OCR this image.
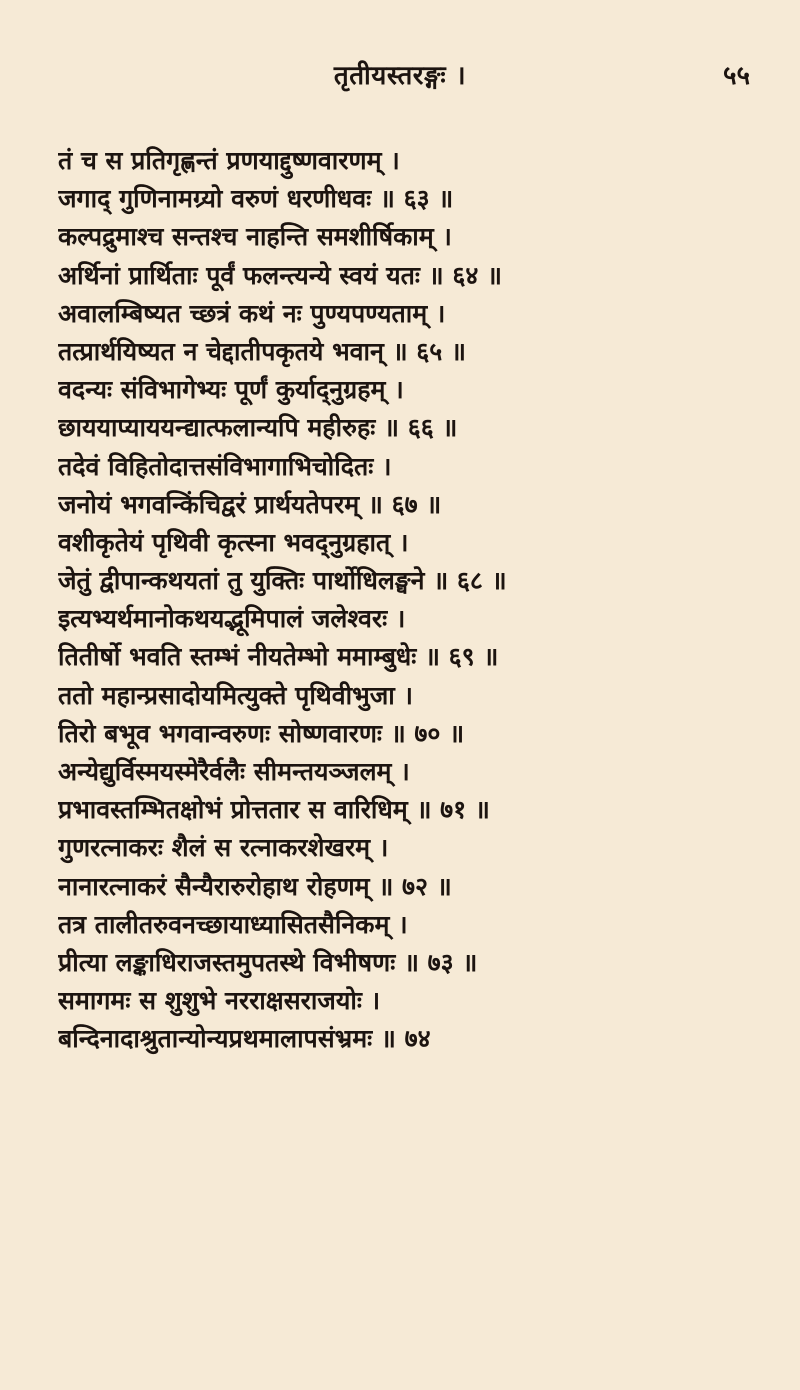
तृतीयस्तरङ्गः ।	५५
तं च स प्रतिगृह्णन्तं प्रणयाद्दुष्णवारणम् ।
जगाद् गुणिनामग्र्यो वरुणं धरणीधवः ॥ ६३ ॥
कल्पद्रुमाश्च सन्तश्च नाहन्ति समशीर्षिकाम् ।
अर्थिनां प्रार्थिताः पूर्वं फलन्त्यन्ये स्वयं यतः ॥ ६४ ॥
अवालम्बिष्यत च्छत्रं कथं नः पुण्यपण्यताम् ।
तत्प्रार्थयिष्यत न चेद्दातीपकृतये भवान् ॥ ६५ ॥
वदन्यः संविभागेभ्यः पूर्णं कुर्याद्नुग्रहम् ।
छाययाप्याययन्द्यात्फलान्यपि महीरुहः ॥ ६६ ॥
तदेवं विहितोदात्तसंविभागाभिचोदितः ।
जनोयं भगवन्किंचिद्वरं प्रार्थयतेपरम् ॥ ६७ ॥
वशीकृतेयं पृथिवी कृत्स्ना भवद्नुग्रहात् ।
जेतुं द्वीपान्कथयतां तु युक्तिः पार्थोधिलङ्घने ॥ ६८ ॥
इत्यभ्यर्थमानोकथयद्भूमिपालं जलेश्वरः ।
तितीर्षो भवति स्तम्भं नीयतेम्भो ममाम्बुधेः ॥ ६९ ॥
ततो महान्प्रसादोयमित्युक्ते पृथिवीभुजा ।
तिरो बभूव भगवान्वरुणः सोष्णवारणः ॥ ७० ॥
अन्येद्युर्विस्मयस्मेरैर्वलैः सीमन्तयञ्जलम् ।
प्रभावस्तम्भितक्षोभं प्रोत्ततार स वारिधिम् ॥ ७१ ॥
गुणरत्नाकरः शैलं स रत्नाकरशेखरम् ।
नानारत्नाकरं सैन्यैरारुरोहाथ रोहणम् ॥ ७२ ॥
तत्र तालीतरुवनच्छायाध्यासितसैनिकम् ।
प्रीत्या लङ्काधिराजस्तमुपतस्थे विभीषणः ॥ ७३ ॥
समागमः स शुशुभे नरराक्षसराजयोः ।
बन्दिनादाश्रुतान्योन्यप्रथमालापसंभ्रमः ॥ ७४
